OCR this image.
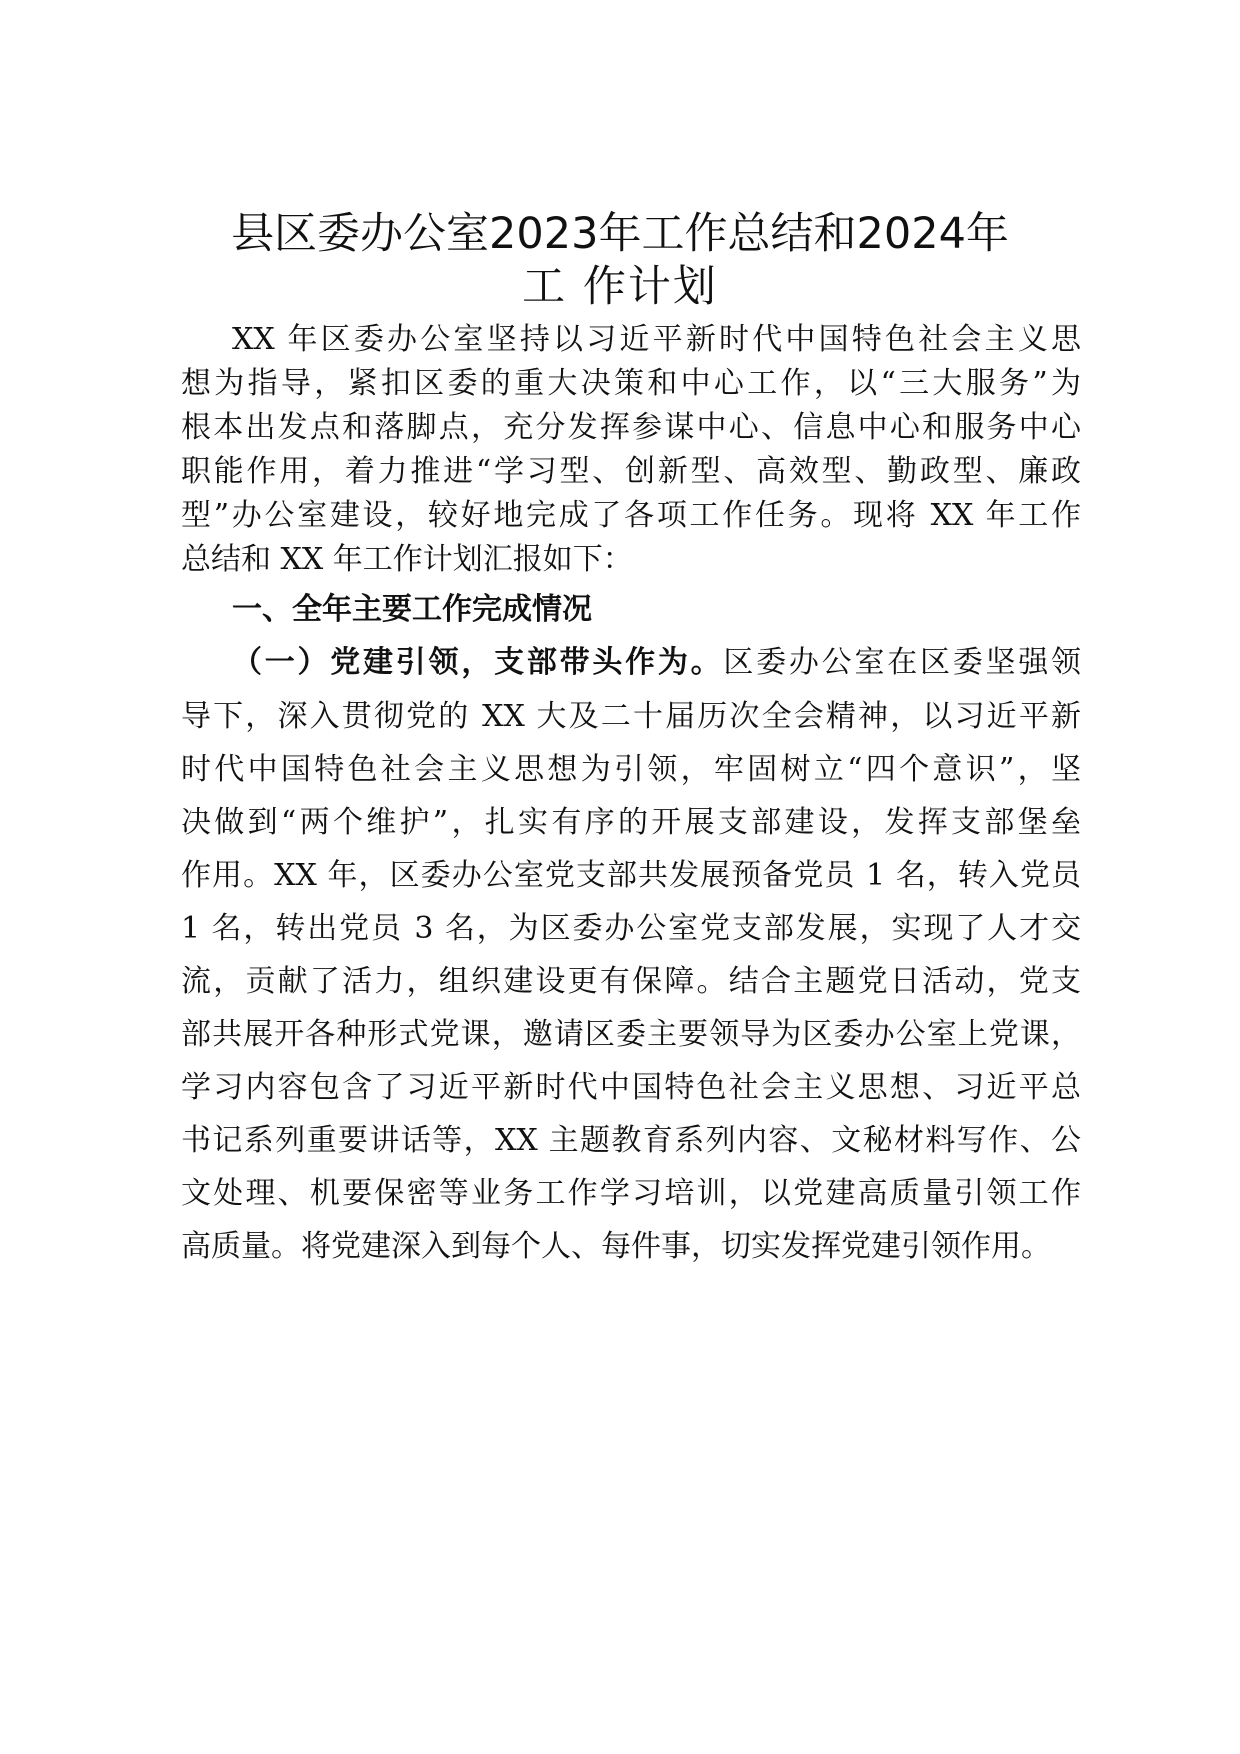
县区委办公室2023年工作总结和2024年
工 作计划
XX 年区委办公室坚持以习近平新时代中国特色社会主义思
想为指导，紧扣区委的重大决策和中心工作，以“三大服务”为
根本出发点和落脚点，充分发挥参谋中心、信息中心和服务中心
职能作用，着力推进“学习型、创新型、高效型、勤政型、廉政
型”办公室建设，较好地完成了各项工作任务。现将 XX 年工作
总结和 XX 年工作计划汇报如下：
一、全年主要工作完成情况
（一）党建引领，支部带头作为。区委办公室在区委坚强领
导下，深入贯彻党的 XX 大及二十届历次全会精神，以习近平新
时代中国特色社会主义思想为引领，牢固树立“四个意识”，坚
决做到“两个维护”，扎实有序的开展支部建设，发挥支部堡垒
作用。XX 年，区委办公室党支部共发展预备党员 1 名，转入党员
1 名，转出党员 3 名，为区委办公室党支部发展，实现了人才交
流，贡献了活力，组织建设更有保障。结合主题党日活动，党支
部共展开各种形式党课，邀请区委主要领导为区委办公室上党课，
学习内容包含了习近平新时代中国特色社会主义思想、习近平总
书记系列重要讲话等，XX 主题教育系列内容、文秘材料写作、公
文处理、机要保密等业务工作学习培训，以党建高质量引领工作
高质量。将党建深入到每个人、每件事，切实发挥党建引领作用。
